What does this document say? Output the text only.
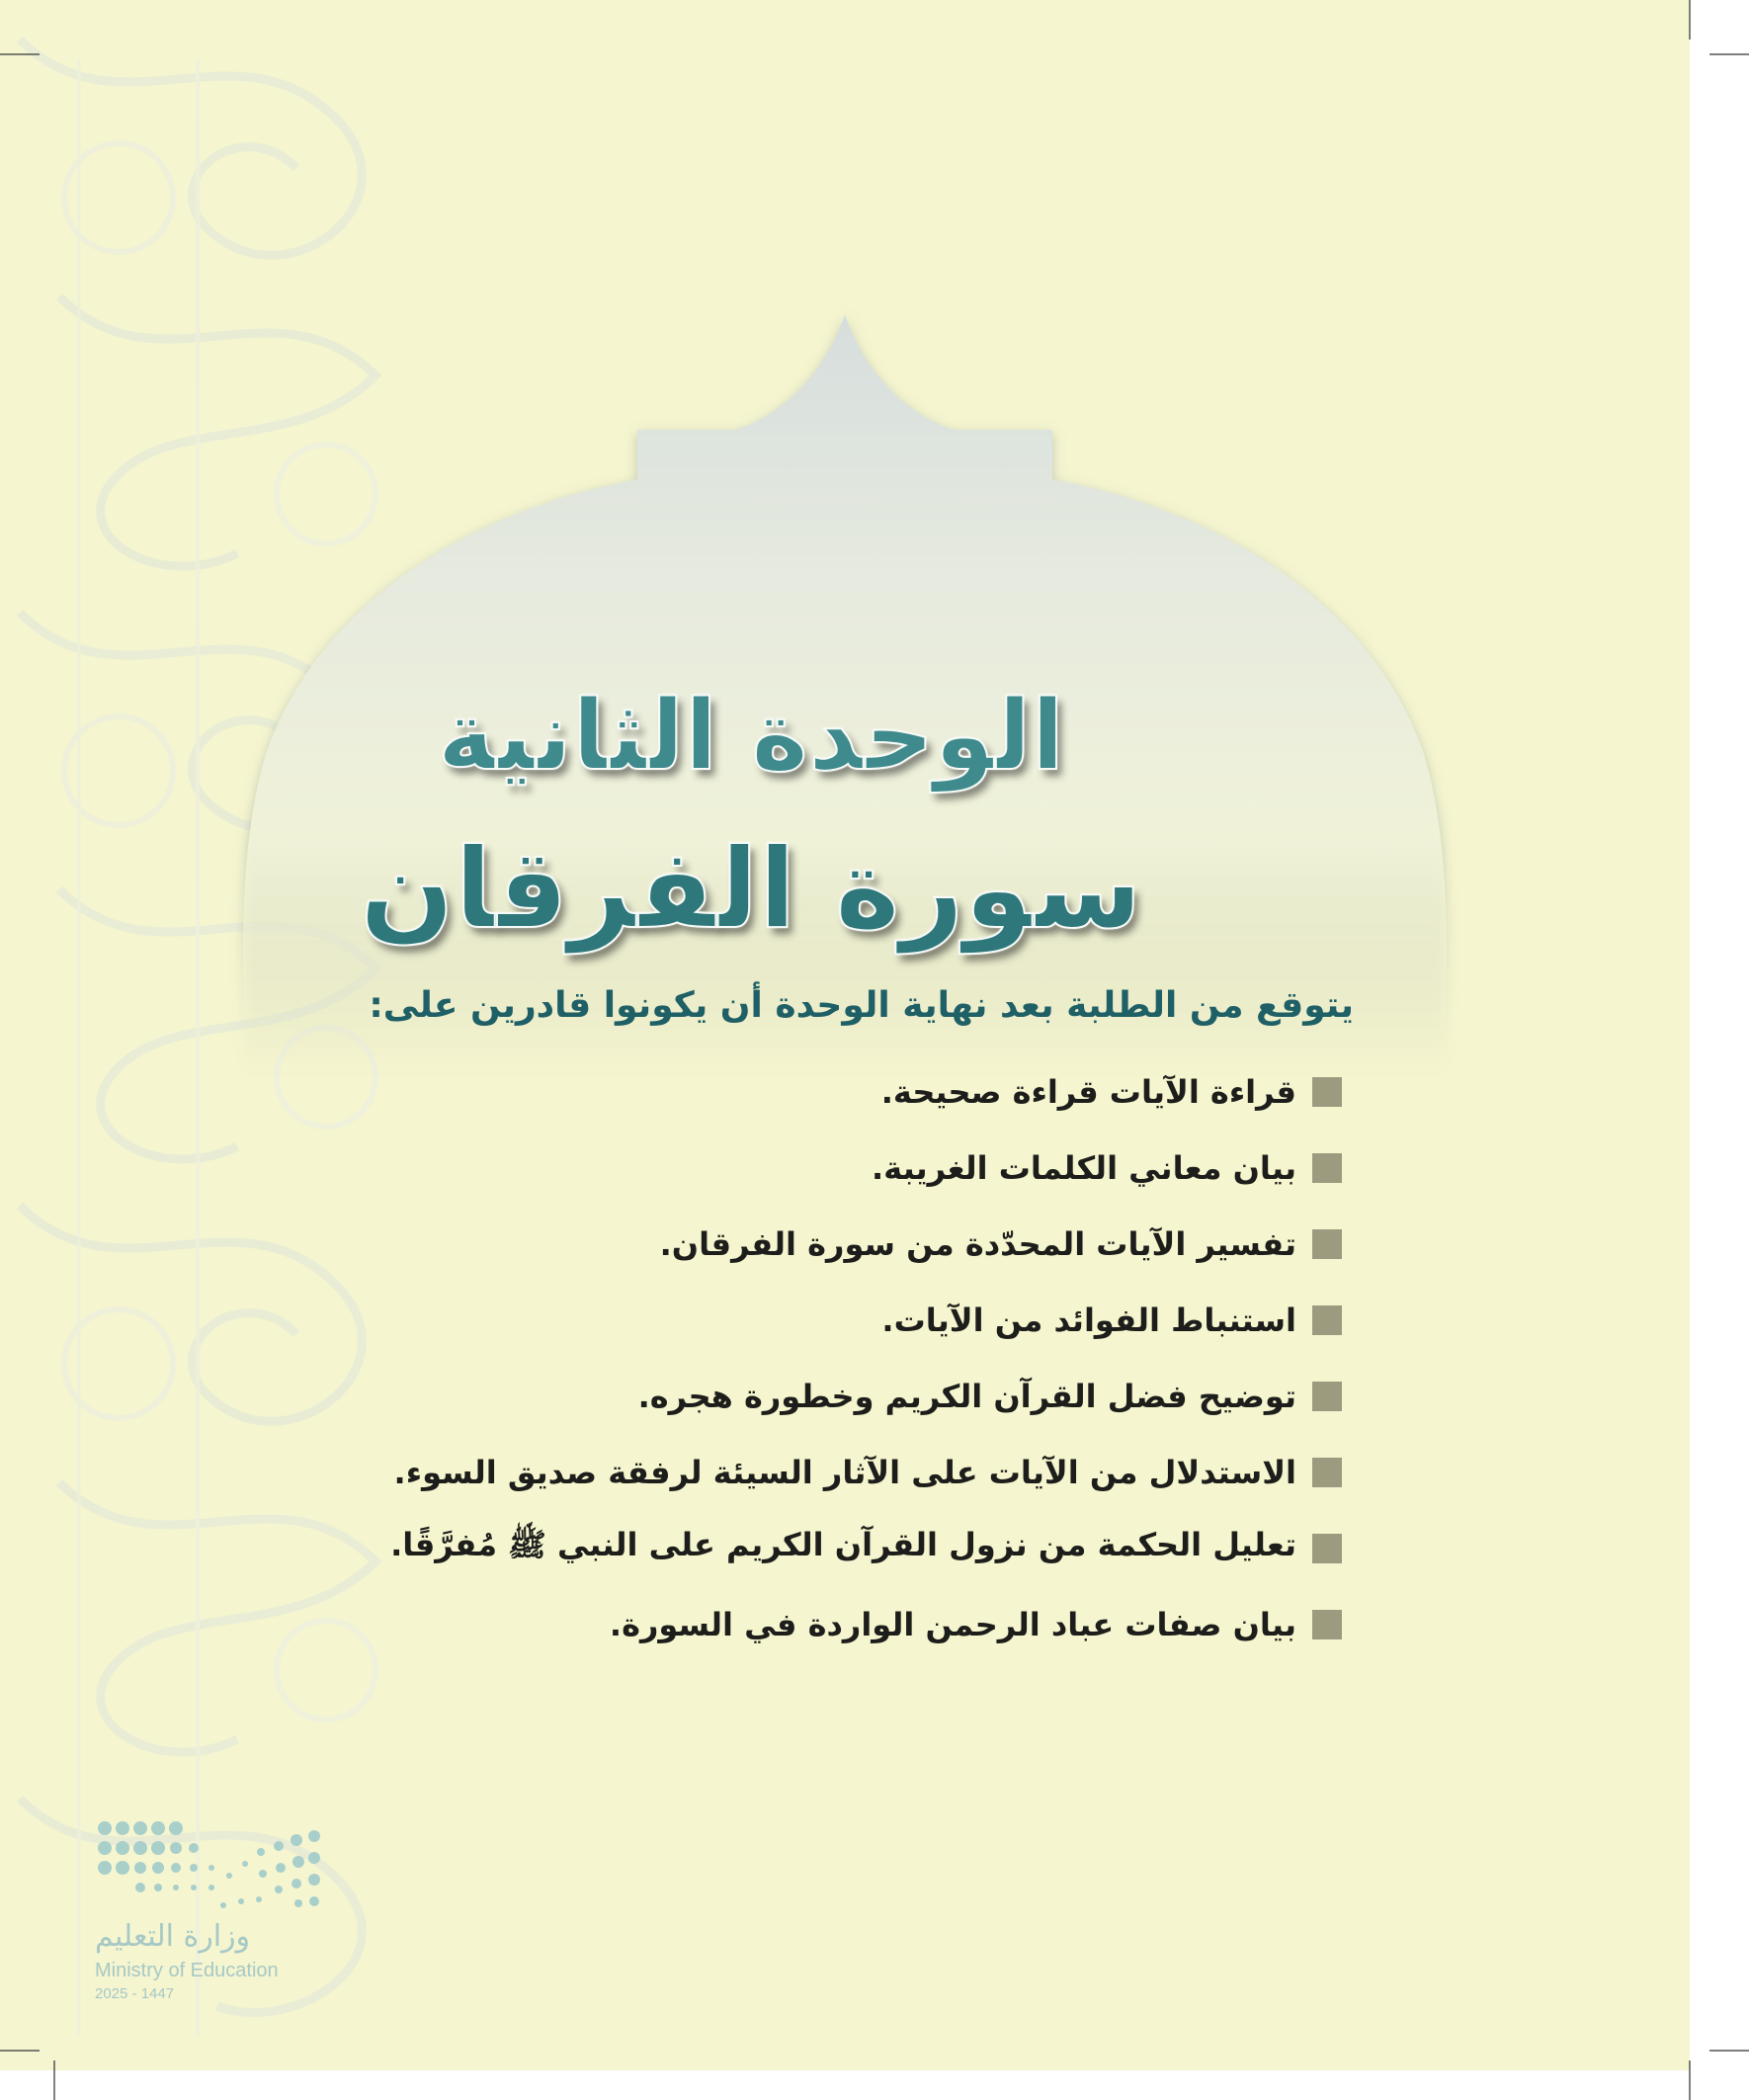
الوحدة الثانية
سورة الفرقان

يتوقع من الطلبة بعد نهاية الوحدة أن يكونوا قادرين على:

قراءة الآيات قراءة صحيحة.
بيان معاني الكلمات الغريبة.
تفسير الآيات المحدّدة من سورة الفرقان.
استنباط الفوائد من الآيات.
توضيح فضل القرآن الكريم وخطورة هجره.
الاستدلال من الآيات على الآثار السيئة لرفقة صديق السوء.
تعليل الحكمة من نزول القرآن الكريم على النبي ﷺ مُفرَّقًا.
بيان صفات عباد الرحمن الواردة في السورة.
وزارة التعليم
Ministry of Education
2025 - 1447
